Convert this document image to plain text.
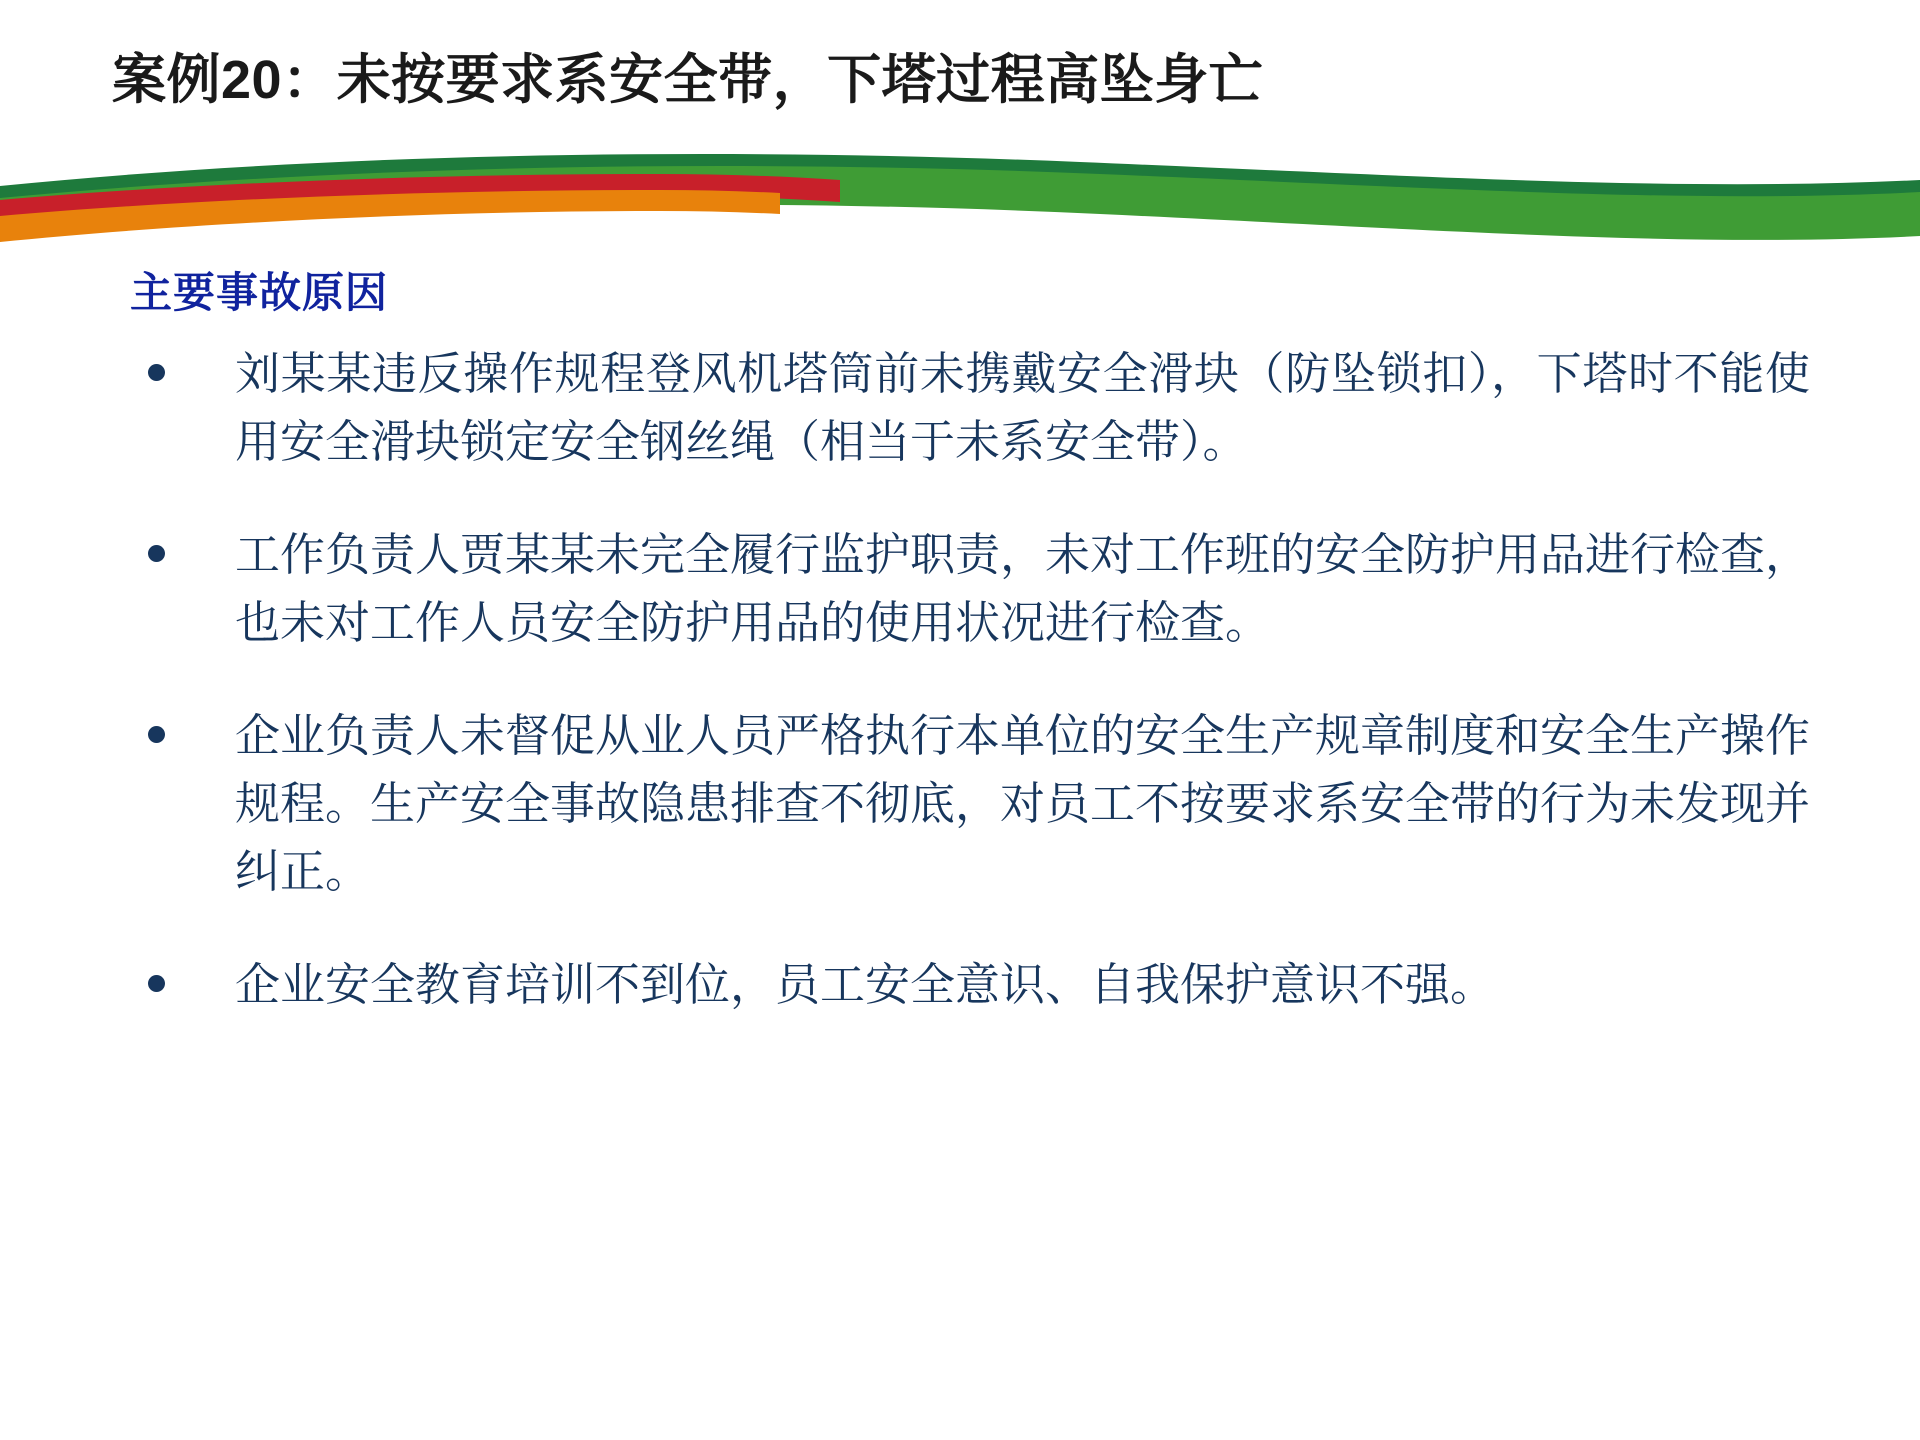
案例20：未按要求系安全带，下塔过程高坠身亡
主要事故原因
刘某某违反操作规程登风机塔筒前未携戴安全滑块（防坠锁扣），下塔时不能使用安全滑块锁定安全钢丝绳（相当于未系安全带）。
工作负责人贾某某未完全履行监护职责，未对工作班的安全防护用品进行检查，也未对工作人员安全防护用品的使用状况进行检查。
企业负责人未督促从业人员严格执行本单位的安全生产规章制度和安全生产操作规程。生产安全事故隐患排查不彻底，对员工不按要求系安全带的行为未发现并纠正。
企业安全教育培训不到位，员工安全意识、自我保护意识不强。
